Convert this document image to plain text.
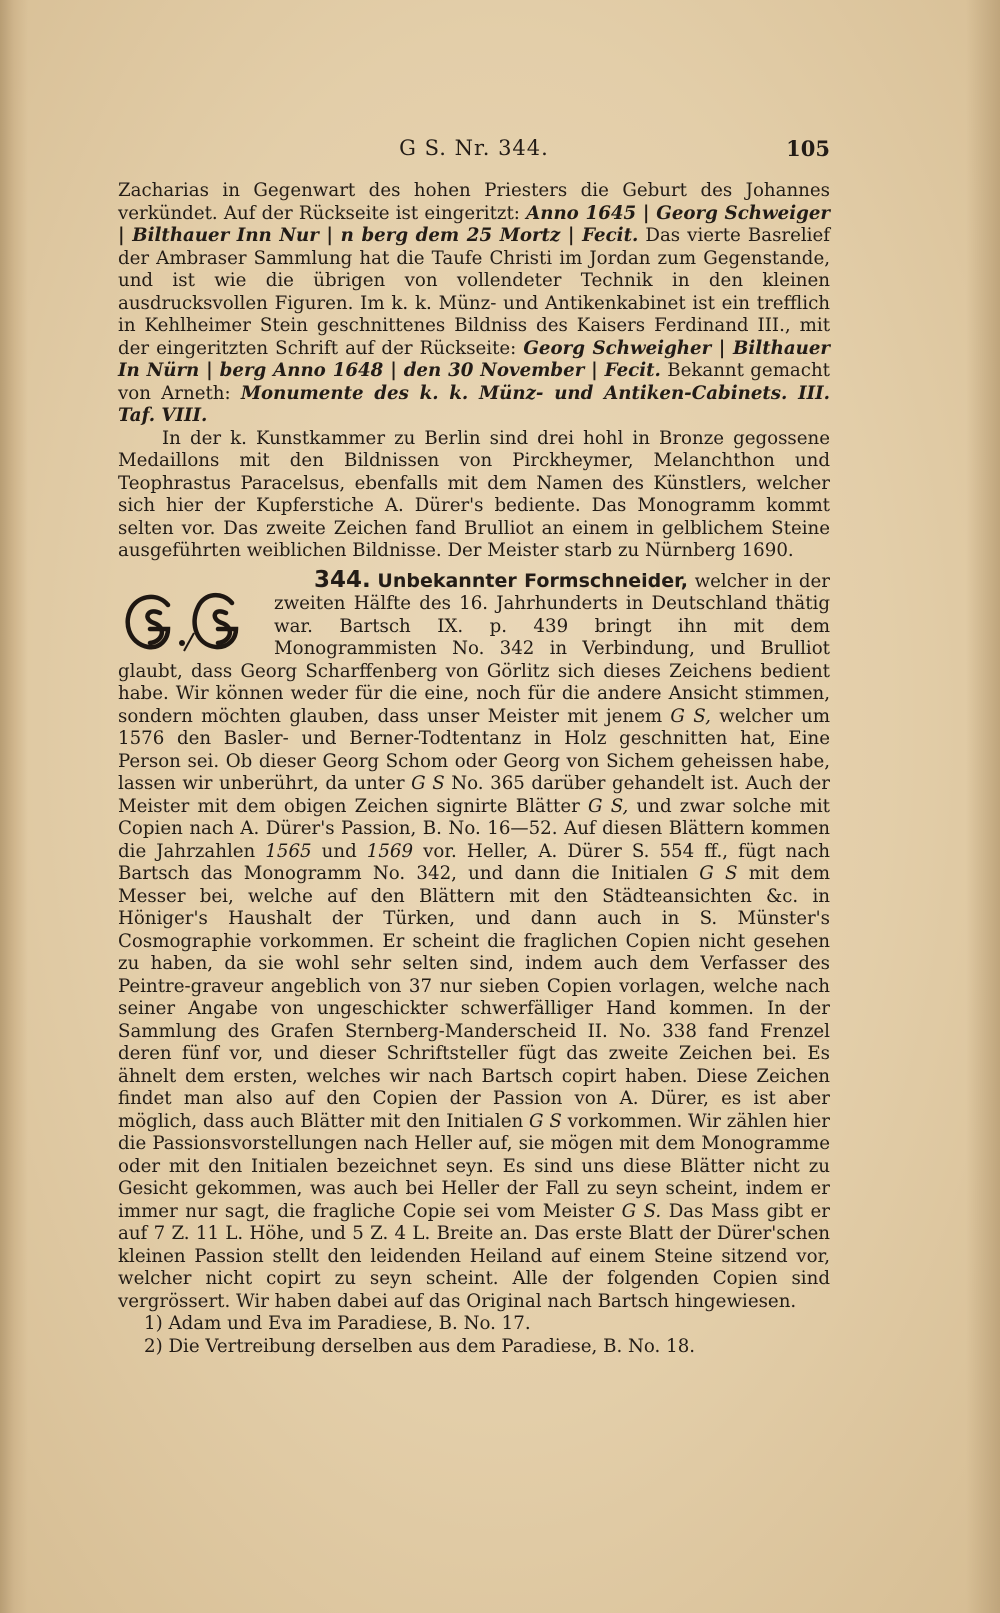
G S. Nr. 344.	105

Zacharias in Gegenwart des hohen Priesters die Geburt des Johannes verkündet. Auf der Rückseite ist eingeritzt: Anno 1645 | Georg Schweiger | Bilthauer Inn Nur | n berg dem 25 Mortz | Fecit. Das vierte Basrelief der Ambraser Sammlung hat die Taufe Christi im Jordan zum Gegenstande, und ist wie die übrigen von vollendeter Technik in den kleinen ausdrucksvollen Figuren. Im k. k. Münz- und Antikenkabinet ist ein trefflich in Kehlheimer Stein geschnittenes Bildniss des Kaisers Ferdinand III., mit der eingeritzten Schrift auf der Rückseite: Georg Schweigher | Bilthauer In Nürn | berg Anno 1648 | den 30 November | Fecit. Bekannt gemacht von Arneth: Monumente des k. k. Münz- und Antiken-Cabinets. III. Taf. VIII.

In der k. Kunstkammer zu Berlin sind drei hohl in Bronze gegossene Medaillons mit den Bildnissen von Pirckheymer, Melanchthon und Teophrastus Paracelsus, ebenfalls mit dem Namen des Künstlers, welcher sich hier der Kupferstiche A. Dürer's bediente. Das Monogramm kommt selten vor. Das zweite Zeichen fand Brulliot an einem in gelblichem Steine ausgeführten weiblichen Bildnisse. Der Meister starb zu Nürnberg 1690.

344. Unbekannter Formschneider, welcher in der zweiten Hälfte des 16. Jahrhunderts in Deutschland thätig war. Bartsch IX. p. 439 bringt ihn mit dem Monogrammisten No. 342 in Verbindung, und Brulliot glaubt, dass Georg Scharffenberg von Görlitz sich dieses Zeichens bedient habe. Wir können weder für die eine, noch für die andere Ansicht stimmen, sondern möchten glauben, dass unser Meister mit jenem G S, welcher um 1576 den Basler- und Berner-Todtentanz in Holz geschnitten hat, Eine Person sei. Ob dieser Georg Schom oder Georg von Sichem geheissen habe, lassen wir unberührt, da unter G S No. 365 darüber gehandelt ist. Auch der Meister mit dem obigen Zeichen signirte Blätter G S, und zwar solche mit Copien nach A. Dürer's Passion, B. No. 16—52. Auf diesen Blättern kommen die Jahrzahlen 1565 und 1569 vor. Heller, A. Dürer S. 554 ff., fügt nach Bartsch das Monogramm No. 342, und dann die Initialen G S mit dem Messer bei, welche auf den Blättern mit den Städteansichten &c. in Höniger's Haushalt der Türken, und dann auch in S. Münster's Cosmographie vorkommen. Er scheint die fraglichen Copien nicht gesehen zu haben, da sie wohl sehr selten sind, indem auch dem Verfasser des Peintre-graveur angeblich von 37 nur sieben Copien vorlagen, welche nach seiner Angabe von ungeschickter schwerfälliger Hand kommen. In der Sammlung des Grafen Sternberg-Manderscheid II. No. 338 fand Frenzel deren fünf vor, und dieser Schriftsteller fügt das zweite Zeichen bei. Es ähnelt dem ersten, welches wir nach Bartsch copirt haben. Diese Zeichen findet man also auf den Copien der Passion von A. Dürer, es ist aber möglich, dass auch Blätter mit den Initialen G S vorkommen. Wir zählen hier die Passionsvorstellungen nach Heller auf, sie mögen mit dem Monogramme oder mit den Initialen bezeichnet seyn. Es sind uns diese Blätter nicht zu Gesicht gekommen, was auch bei Heller der Fall zu seyn scheint, indem er immer nur sagt, die fragliche Copie sei vom Meister G S. Das Mass gibt er auf 7 Z. 11 L. Höhe, und 5 Z. 4 L. Breite an. Das erste Blatt der Dürer'schen kleinen Passion stellt den leidenden Heiland auf einem Steine sitzend vor, welcher nicht copirt zu seyn scheint. Alle der folgenden Copien sind vergrössert. Wir haben dabei auf das Original nach Bartsch hingewiesen.

1) Adam und Eva im Paradiese, B. No. 17.

2) Die Vertreibung derselben aus dem Paradiese, B. No. 18.
